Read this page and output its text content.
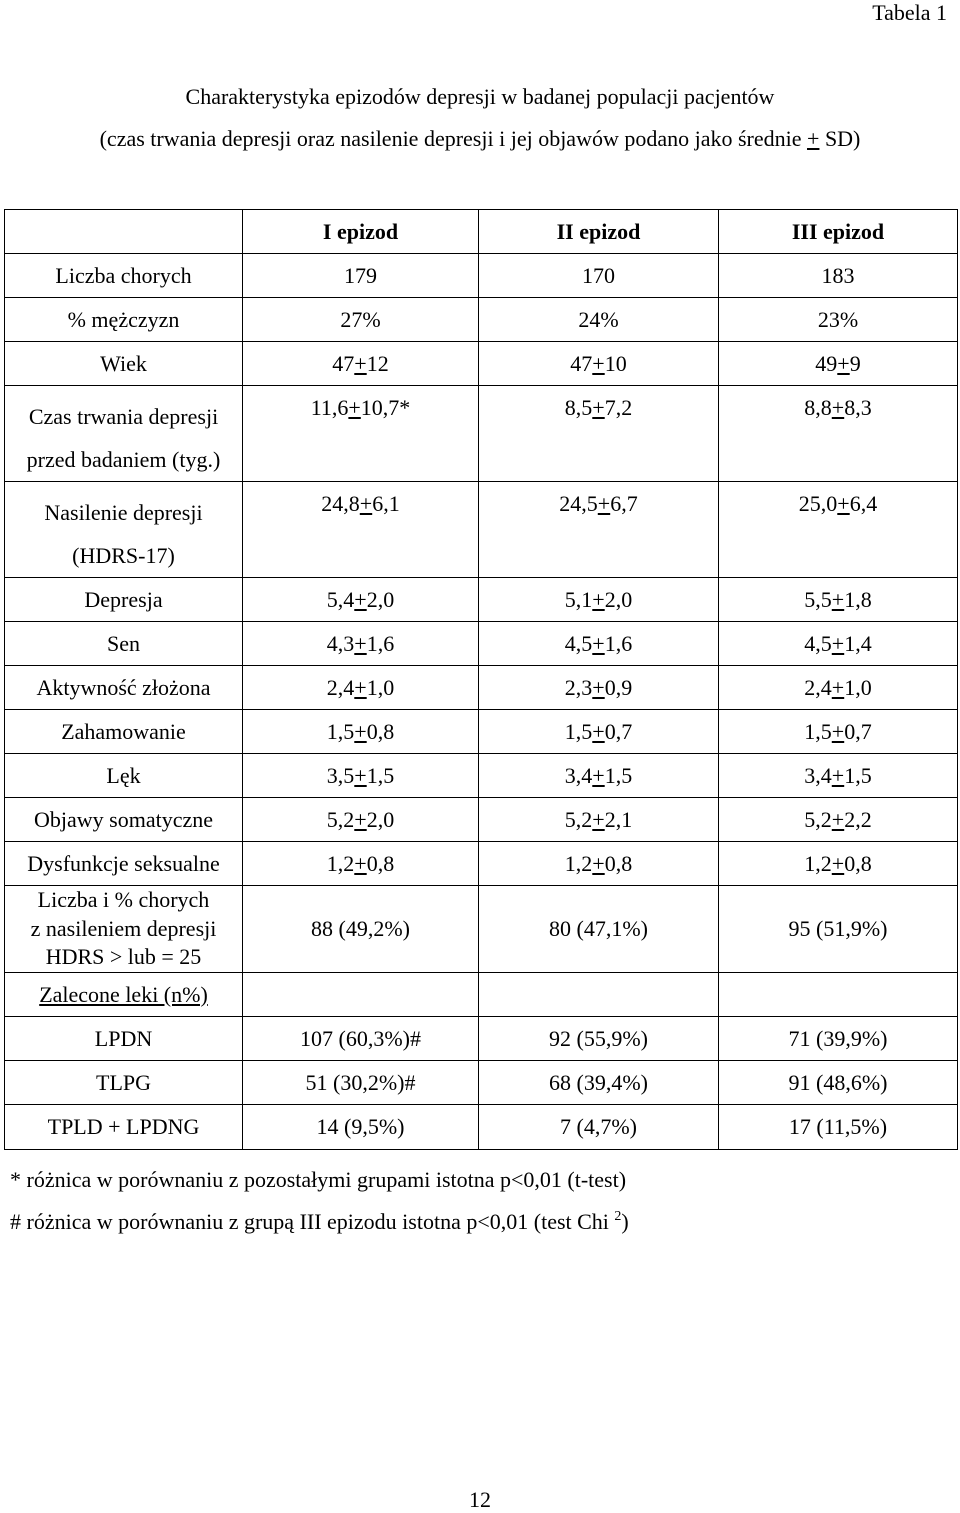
Tabela 1
Charakterystyka epizodów depresji w badanej populacji pacjentów
(czas trwania depresji oraz nasilenie depresji i jej objawów podano jako średnie + SD)
	I epizod	II epizod	III epizod
Liczba chorych	179	170	183
% mężczyzn	27%	24%	23%
Wiek	47+12	47+10	49+9

Czas trwania depresji
przed badaniem (tyg.)	11,6+10,7*	8,5+7,2	8,8+8,3

Nasilenie depresji
(HDRS-17)	24,8+6,1	24,5+6,7	25,0+6,4
Depresja	5,4+2,0	5,1+2,0	5,5+1,8
Sen	4,3+1,6	4,5+1,6	4,5+1,4
Aktywność złożona	2,4+1,0	2,3+0,9	2,4+1,0
Zahamowanie	1,5+0,8	1,5+0,7	1,5+0,7
Lęk	3,5+1,5	3,4+1,5	3,4+1,5
Objawy somatyczne	5,2+2,0	5,2+2,1	5,2+2,2
Dysfunkcje seksualne	1,2+0,8	1,2+0,8	1,2+0,8

Liczba i % chorych
z nasileniem depresji
HDRS > lub = 25	88 (49,2%)	80 (47,1%)	95 (51,9%)
Zalecone leki (n%)			
LPDN	107 (60,3%)#	92 (55,9%)	71 (39,9%)
TLPG	51 (30,2%)#	68 (39,4%)	91 (48,6%)
TPLD + LPDNG	14 (9,5%)	7 (4,7%)	17 (11,5%)
* różnica w porównaniu z pozostałymi grupami istotna p<0,01 (t-test)
# różnica w porównaniu z grupą III epizodu istotna p<0,01 (test Chi $^2$)
12
